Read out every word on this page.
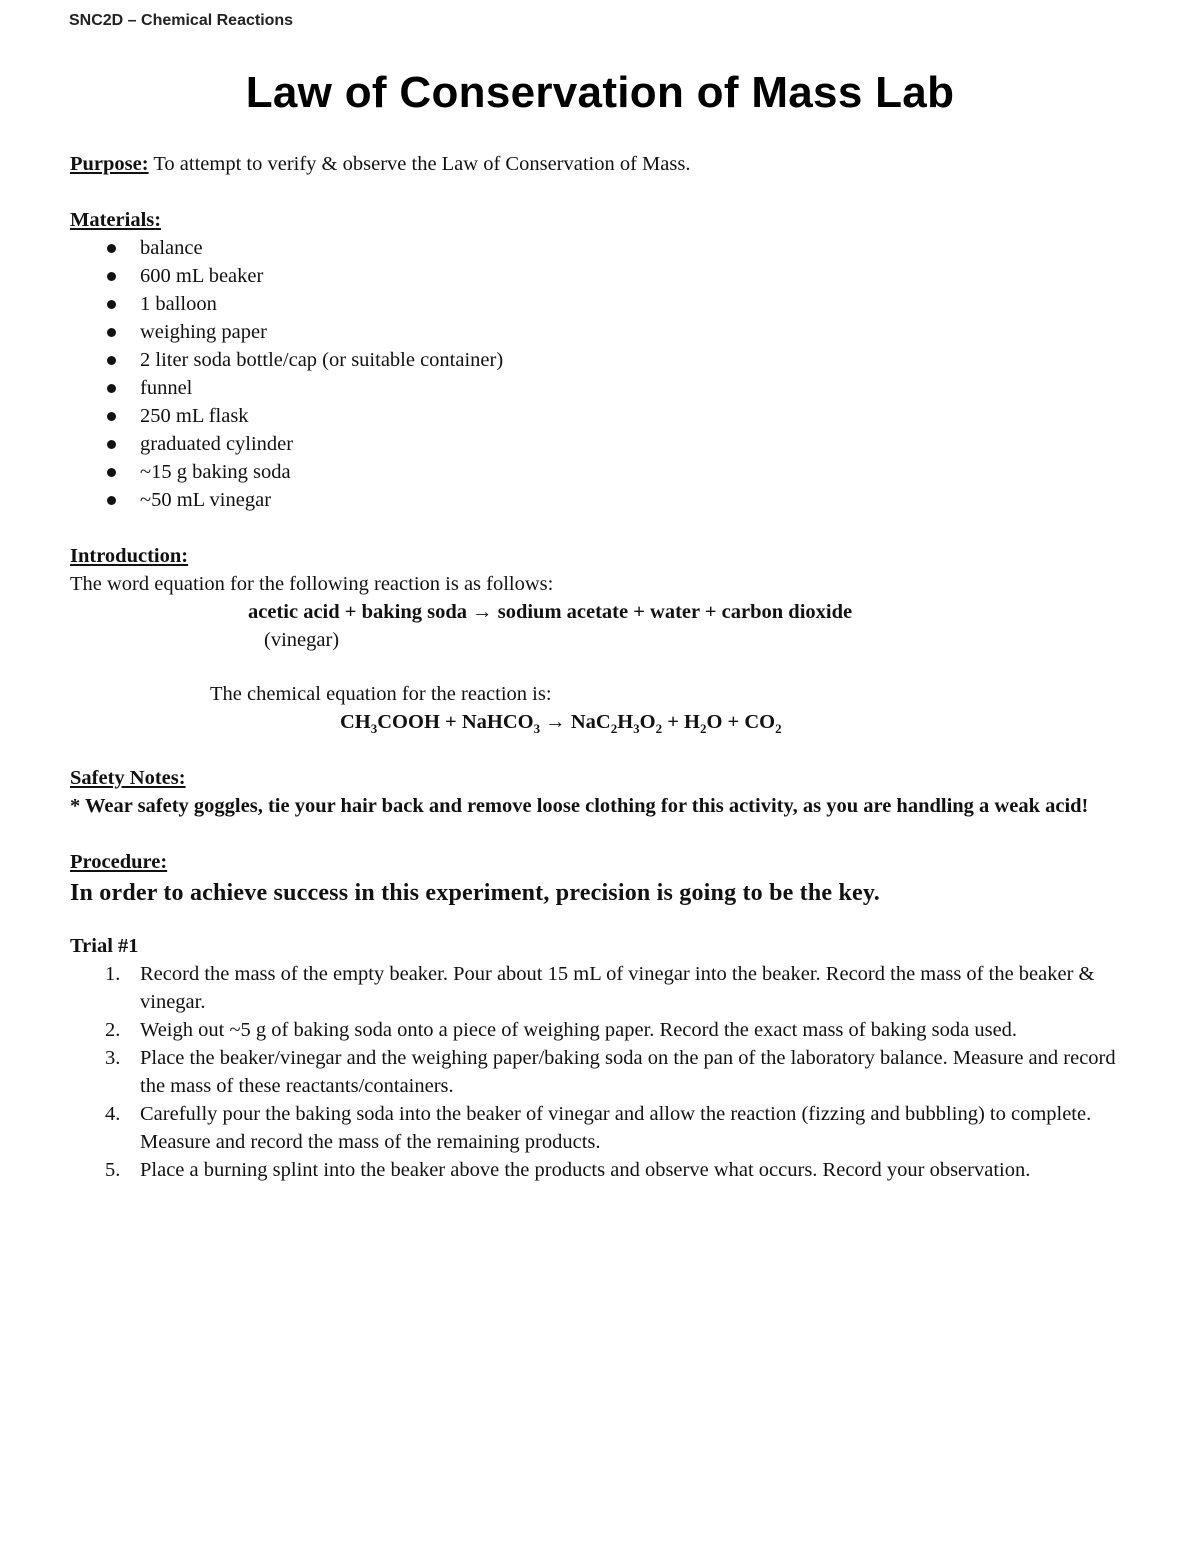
SNC2D – Chemical Reactions
Law of Conservation of Mass Lab

Purpose: To attempt to verify & observe the Law of Conservation of Mass.

Materials:

balance
600 mL beaker
1 balloon
weighing paper
2 liter soda bottle/cap (or suitable container)
funnel
250 mL flask
graduated cylinder
~15 g baking soda
~50 mL vinegar

Introduction:

The word equation for the following reaction is as follows:

acetic acid + baking soda → sodium acetate + water + carbon dioxide

(vinegar)

The chemical equation for the reaction is:

$CH_3COOH$ + NaHCO$_3$ → $NaC_2H_3O_2 + H_2O + CO_2$

Safety Notes:

* Wear safety goggles, tie your hair back and remove loose clothing for this activity, as you are handling a weak acid!

Procedure:

In order to achieve success in this experiment, precision is going to be the key.

Trial #1

1. Record the mass of the empty beaker. Pour about 15 mL of vinegar into the beaker. Record the mass of the beaker & vinegar.
2. Weigh out ~5 g of baking soda onto a piece of weighing paper. Record the exact mass of baking soda used.
3. Place the beaker/vinegar and the weighing paper/baking soda on the pan of the laboratory balance. Measure and record the mass of these reactants/containers.
4. Carefully pour the baking soda into the beaker of vinegar and allow the reaction (fizzing and bubbling) to complete. Measure and record the mass of the remaining products.
5. Place a burning splint into the beaker above the products and observe what occurs. Record your observation.
